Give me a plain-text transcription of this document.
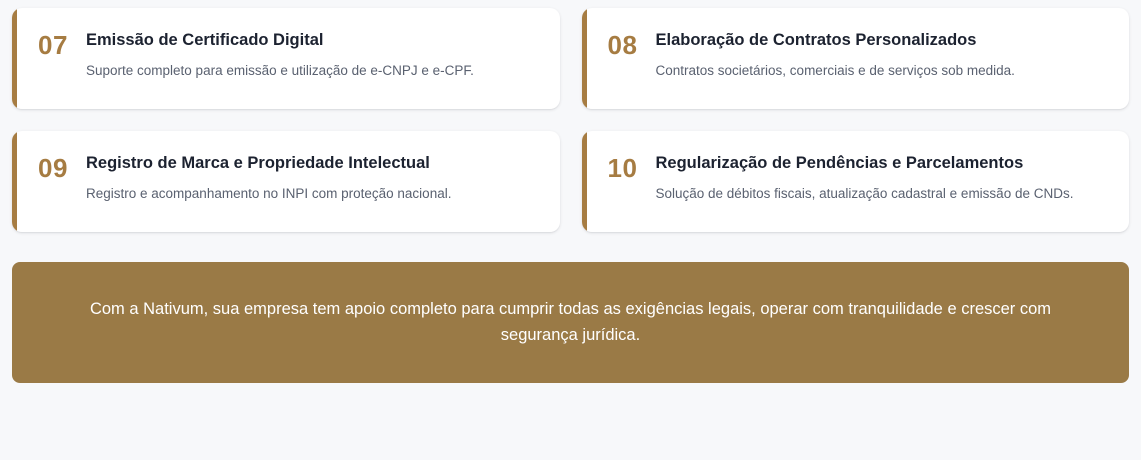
07	Emissão de Certificado Digital

Suporte completo para emissão e utilização de e-CNPJ e e-CPF.

08	Elaboração de Contratos Personalizados

Contratos societários, comerciais e de serviços sob medida.

09	Registro de Marca e Propriedade Intelectual

Registro e acompanhamento no INPI com proteção nacional.

10	Regularização de Pendências e Parcelamentos

Solução de débitos fiscais, atualização cadastral e emissão de CNDs.

Com a Nativum, sua empresa tem apoio completo para cumprir todas as exigências legais, operar com tranquilidade e crescer com segurança jurídica.
